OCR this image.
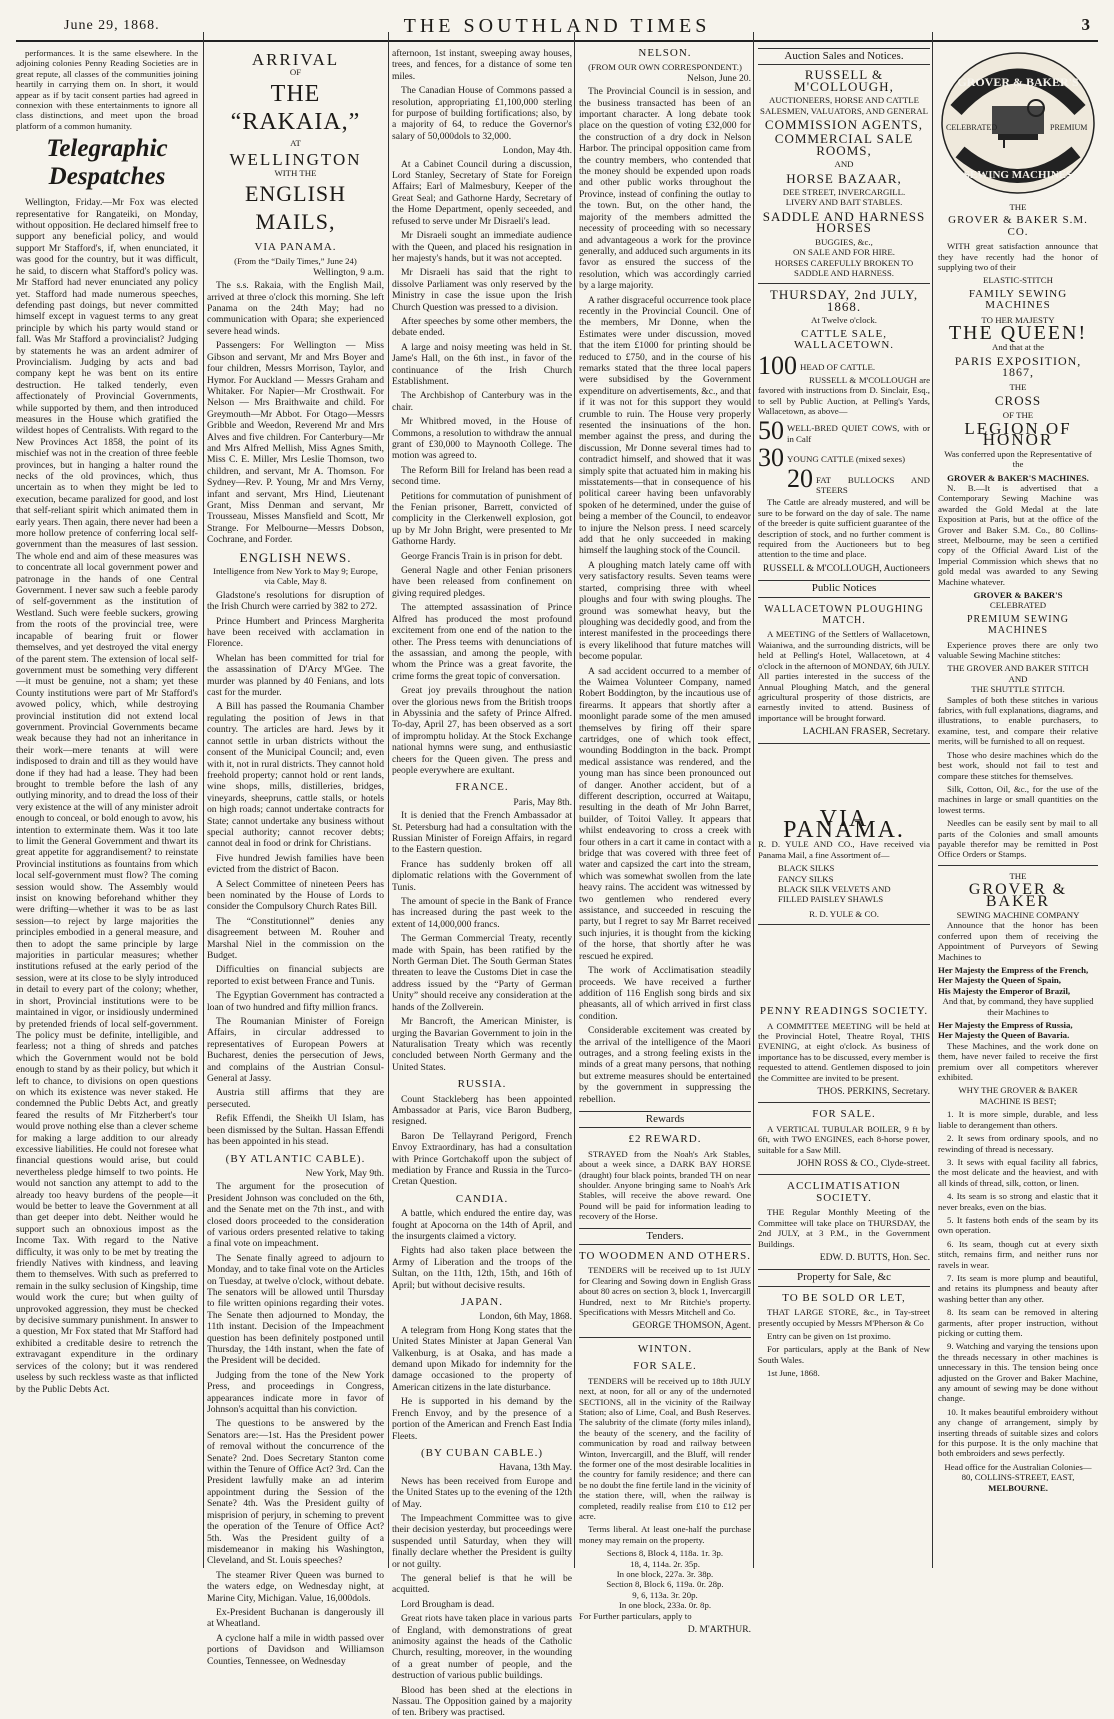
June 29, 1868.	THE SOUTHLAND TIMES	3

performances. It is the same elsewhere. In the adjoining colonies Penny Reading Societies are in great repute, all classes of the communities joining heartily in carrying them on. In short, it would appear as if by tacit consent parties had agreed in connexion with these entertainments to ignore all class distinctions, and meet upon the broad platform of a common humanity.

Telegraphic Despatches

Wellington, Friday.—Mr Fox was elected representative for Rangateiki, on Monday, without opposition. He declared himself free to support any beneficial policy, and would support Mr Stafford's, if, when enunciated, it was good for the country, but it was difficult, he said, to discern what Stafford's policy was. Mr Stafford had never enunciated any policy yet. Stafford had made numerous speeches, defending past doings, but never committed himself except in vaguest terms to any great principle by which his party would stand or fall. Was Mr Stafford a provincialist? Judging by statements he was an ardent admirer of Provincialism. Judging by acts and bad company kept he was bent on its entire destruction. He talked tenderly, even affectionately of Provincial Governments, while supported by them, and then introduced measures in the House which gratified the wildest hopes of Centralists. With regard to the New Provinces Act 1858, the point of its mischief was not in the creation of three feeble provinces, but in hanging a halter round the necks of the old provinces, which, thus uncertain as to when they might be led to execution, became paralized for good, and lost that self-reliant spirit which animated them in early years. Then again, there never had been a more hollow pretence of conferring local self-government than the measures of last session. The whole end and aim of these measures was to concentrate all local government power and patronage in the hands of one Central Government. I never saw such a feeble parody of self-government as the institution of Westland. Such were feeble suckers, growing from the roots of the provincial tree, were incapable of bearing fruit or flower themselves, and yet destroyed the vital energy of the parent stem. The extension of local self-government must be something very different—it must be genuine, not a sham; yet these County institutions were part of Mr Stafford's avowed policy, which, while destroying provincial institution did not extend local government. Provincial Governments became weak because they had not an inheritance in their work—mere tenants at will were indisposed to drain and till as they would have done if they had had a lease. They had been brought to tremble before the lash of any outlying minority, and to dread the loss of their very existence at the will of any minister adroit enough to conceal, or bold enough to avow, his intention to exterminate them. Was it too late to limit the General Government and thwart its great appetite for aggrandisement? to reinstate Provincial institutions as fountains from which local self-government must flow? The coming session would show. The Assembly would insist on knowing beforehand whither they were drifting—whether it was to be as last session—to reject by large majorities the principles embodied in a general measure, and then to adopt the same principle by large majorities in particular measures; whether institutions refused at the early period of the session, were at its close to be slyly introduced in detail to every part of the colony; whether, in short, Provincial institutions were to be maintained in vigor, or insidiously undermined by pretended friends of local self-government. The policy must be definite, intelligible, and fearless; not a thing of shreds and patches which the Government would not be bold enough to stand by as their policy, but which it left to chance, to divisions on open questions on which its existence was never staked. He condemned the Public Debts Act, and greatly feared the results of Mr Fitzherbert's tour would prove nothing else than a clever scheme for making a large addition to our already excessive liabilities. He could not foresee what financial questions would arise, but could nevertheless pledge himself to two points. He would not sanction any attempt to add to the already too heavy burdens of the people—it would be better to leave the Government at all than get deeper into debt. Neither would he support such an obnoxious impost as the Income Tax. With regard to the Native difficulty, it was only to be met by treating the friendly Natives with kindness, and leaving them to themselves. With such as preferred to remain in the sulky seclusion of Kingship, time would work the cure; but when guilty of unprovoked aggression, they must be checked by decisive summary punishment. In answer to a question, Mr Fox stated that Mr Stafford had exhibited a creditable desire to retrench the extravagant expenditure in the ordinary services of the colony; but it was rendered useless by such reckless waste as that inflicted by the Public Debts Act.

ARRIVAL
OF
THE “RAKAIA,”
AT
WELLINGTON
WITH THE
ENGLISH MAILS,
VIA PANAMA.
(From the “Daily Times,” June 24)
Wellington, 9 a.m.

The s.s. Rakaia, with the English Mail, arrived at three o'clock this morning. She left Panama on the 24th May; had no communication with Opara; she experienced severe head winds.

Passengers: For Wellington — Miss Gibson and servant, Mr and Mrs Boyer and four children, Messrs Morrison, Taylor, and Hymor. For Auckland — Messrs Graham and Whitaker. For Napier—Mr Crosthwait. For Nelson — Mrs Braithwaite and child. For Greymouth—Mr Abbot. For Otago—Messrs Gribble and Weedon, Reverend Mr and Mrs Alves and five children. For Canterbury—Mr and Mrs Alfred Mellish, Miss Agnes Smith, Miss C. E. Miller, Mrs Leslie Thomson, two children, and servant, Mr A. Thomson. For Sydney—Rev. P. Young, Mr and Mrs Verny, infant and servant, Mrs Hind, Lieutenant Grant, Miss Denman and servant, Mr Trousseau, Misses Mansfield and Scott, Mr Strange. For Melbourne—Messrs Dobson, Cochrane, and Forder.

ENGLISH NEWS.

Intelligence from New York to May 9; Europe, via Cable, May 8.

Gladstone's resolutions for disruption of the Irish Church were carried by 382 to 272.

Prince Humbert and Princess Margherita have been received with acclamation in Florence.

Whelan has been committed for trial for the assassination of D'Arcy M'Gee. The murder was planned by 40 Fenians, and lots cast for the murder.

A Bill has passed the Roumania Chamber regulating the position of Jews in that country. The articles are hard. Jews by it cannot settle in urban districts without the consent of the Municipal Council; and, even with it, not in rural districts. They cannot hold freehold property; cannot hold or rent lands, wine shops, mills, distilleries, bridges, vineyards, sheepruns, cattle stalls, or hotels on high roads; cannot undertake contracts for State; cannot undertake any business without special authority; cannot recover debts; cannot deal in food or drink for Christians.

Five hundred Jewish families have been evicted from the district of Bacon.

A Select Committee of nineteen Peers has been nominated by the House of Lords to consider the Compulsory Church Rates Bill.

The “Constitutionnel” denies any disagreement between M. Rouher and Marshal Niel in the commission on the Budget.

Difficulties on financial subjects are reported to exist between France and Tunis.

The Egyptian Government has contracted a loan of two hundred and fifty million francs.

The Roumanian Minister of Foreign Affairs, in circular addressed to representatives of European Powers at Bucharest, denies the persecution of Jews, and complains of the Austrian Consul-General at Jassy.

Austria still affirms that they are persecuted.

Refik Effendi, the Sheikh Ul Islam, has been dismissed by the Sultan. Hassan Effendi has been appointed in his stead.

(BY ATLANTIC CABLE).
New York, May 9th.

The argument for the prosecution of President Johnson was concluded on the 6th, and the Senate met on the 7th inst., and with closed doors proceeded to the consideration of various orders presented relative to taking a final vote on impeachment.

The Senate finally agreed to adjourn to Monday, and to take final vote on the Articles on Tuesday, at twelve o'clock, without debate. The senators will be allowed until Thursday to file written opinions regarding their votes. The Senate then adjourned to Monday, the 11th instant. Decision of the Impeachment question has been definitely postponed until Thursday, the 14th instant, when the fate of the President will be decided.

Judging from the tone of the New York Press, and proceedings in Congress, appearances indicate more in favor of Johnson's acquittal than his conviction.

The questions to be answered by the Senators are:—1st. Has the President power of removal without the concurrence of the Senate? 2nd. Does Secretary Stanton come within the Tenure of Office Act? 3rd. Can the President lawfully make an ad interim appointment during the Session of the Senate? 4th. Was the President guilty of misprision of perjury, in scheming to prevent the operation of the Tenure of Office Act? 5th. Was the President guilty of a misdemeanor in making his Washington, Cleveland, and St. Louis speeches?

The steamer River Queen was burned to the waters edge, on Wednesday night, at Marine City, Michigan. Value, 16,000dols.

Ex-President Buchanan is dangerously ill at Wheatland.

A cyclone half a mile in width passed over portions of Davidson and Williamson Counties, Tennessee, on Wednesday

afternoon, 1st instant, sweeping away houses, trees, and fences, for a distance of some ten miles.

The Canadian House of Commons passed a resolution, appropriating £1,100,000 sterling for purpose of building fortifications; also, by a majority of 64, to reduce the Governor's salary of 50,000dols to 32,000.

London, May 4th.

At a Cabinet Council during a discussion, Lord Stanley, Secretary of State for Foreign Affairs; Earl of Malmesbury, Keeper of the Great Seal; and Gathorne Hardy, Secretary of the Home Department, openly seceeded, and refused to serve under Mr Disraeli's lead.

Mr Disraeli sought an immediate audience with the Queen, and placed his resignation in her majesty's hands, but it was not accepted.

Mr Disraeli has said that the right to dissolve Parliament was only reserved by the Ministry in case the issue upon the Irish Church Question was pressed to a division.

After speeches by some other members, the debate ended.

A large and noisy meeting was held in St. Jame's Hall, on the 6th inst., in favor of the continuance of the Irish Church Establishment.

The Archbishop of Canterbury was in the chair.

Mr Whitbred moved, in the House of Commons, a resolution to withdraw the annual grant of £30,000 to Maynooth College. The motion was agreed to.

The Reform Bill for Ireland has been read a second time.

Petitions for commutation of punishment of the Fenian prisoner, Barrett, convicted of complicity in the Clerkenwell explosion, got up by Mr John Bright, were presented to Mr Gathorne Hardy.

George Francis Train is in prison for debt.

General Nagle and other Fenian prisoners have been released from confinement on giving required pledges.

The attempted assassination of Prince Alfred has produced the most profound excitement from one end of the nation to the other. The Press teems with denunciations of the assassian, and among the people, with whom the Prince was a great favorite, the crime forms the great topic of conversation.

Great joy prevails throughout the nation over the glorious news from the British troops in Abyssinia and the safety of Prince Alfred. To-day, April 27, has been observed as a sort of impromptu holiday. At the Stock Exchange national hymns were sung, and enthusiastic cheers for the Queen given. The press and people everywhere are exultant.

FRANCE.
Paris, May 8th.

It is denied that the French Ambassador at St. Petersburg had had a consultation with the Russian Minister of Foreign Affairs, in regard to the Eastern question.

France has suddenly broken off all diplomatic relations with the Government of Tunis.

The amount of specie in the Bank of France has increased during the past week to the extent of 14,000,000 francs.

The German Commercial Treaty, recently made with Spain, has been ratified by the North German Diet. The South German States threaten to leave the Customs Diet in case the address issued by the “Party of German Unity” should receive any consideration at the hands of the Zollverein.

Mr Bancroft, the American Minister, is urging the Bavarian Government to join in the Naturalisation Treaty which was recently concluded between North Germany and the United States.

RUSSIA.

Count Stackleberg has been appointed Ambassador at Paris, vice Baron Budberg, resigned.

Baron De Tellayrand Perigord, French Envoy Extraordinary, has had a consultation with Prince Gortchakoff upon the subject of mediation by France and Russia in the Turco-Cretan Question.

CANDIA.

A battle, which endured the entire day, was fought at Apocorna on the 14th of April, and the insurgents claimed a victory.

Fights had also taken place between the Army of Liberation and the troops of the Sultan, on the 11th, 12th, 15th, and 16th of April; but without decisive results.

JAPAN.
London, 6th May, 1868.

A telegram from Hong Kong states that the United States Minister at Japan General Van Valkenburg, is at Osaka, and has made a demand upon Mikado for indemnity for the damage occasioned to the property of American citizens in the late disturbance.

He is supported in his demand by the French Envoy, and by the presence of a portion of the American and French East India Fleets.

(BY CUBAN CABLE.)
Havana, 13th May.

News has been received from Europe and the United States up to the evening of the 12th of May.

The Impeachment Committee was to give their decision yesterday, but proceedings were suspended until Saturday, when they will finally declare whether the President is guilty or not guilty.

The general belief is that he will be acquitted.

Lord Brougham is dead.

Great riots have taken place in various parts of England, with demonstrations of great animosity against the heads of the Catholic Church, resulting, moreover, in the wounding of a great number of people, and the destruction of various public buildings.

Blood has been shed at the elections in Nassau. The Opposition gained by a majority of ten. Bribery was practised.

NELSON.
(FROM OUR OWN CORRESPONDENT.)
Nelson, June 20.

The Provincial Council is in session, and the business transacted has been of an important character. A long debate took place on the question of voting £32,000 for the construction of a dry dock in Nelson Harbor. The principal opposition came from the country members, who contended that the money should be expended upon roads and other public works throughout the Province, instead of confining the outlay to the town. But, on the other hand, the majority of the members admitted the necessity of proceeding with so necessary and advantageous a work for the province generally, and adduced such arguments in its favor as ensured the success of the resolution, which was accordingly carried by a large majority.

A rather disgraceful occurrence took place recently in the Provincial Council. One of the members, Mr Donne, when the Estimates were under discussion, moved that the item £1000 for printing should be reduced to £750, and in the course of his remarks stated that the three local papers were subsidised by the Government expenditure on advertisements, &c., and that if it was not for this support they would crumble to ruin. The House very properly resented the insinuations of the hon. member against the press, and during the discussion, Mr Donne several times had to contradict himself, and showed that it was simply spite that actuated him in making his misstatements—that in consequence of his political career having been unfavorably spoken of he determined, under the guise of being a member of the Council, to endeavor to injure the Nelson press. I need scarcely add that he only succeeded in making himself the laughing stock of the Council.

A ploughing match lately came off with very satisfactory results. Seven teams were started, comprising three with wheel ploughs and four with swing ploughs. The ground was somewhat heavy, but the ploughing was decidedly good, and from the interest manifested in the proceedings there is every likelihood that future matches will become popular.

A sad accident occurred to a member of the Waimea Volunteer Company, named Robert Boddington, by the incautious use of firearms. It appears that shortly after a moonlight parade some of the men amused themselves by firing off their spare cartridges, one of which took effect, wounding Boddington in the back. Prompt medical assistance was rendered, and the young man has since been pronounced out of danger. Another accident, but of a different description, occurred at Waitapu, resulting in the death of Mr John Barret, builder, of Toitoi Valley. It appears that whilst endeavoring to cross a creek with four others in a cart it came in contact with a bridge that was covered with three feet of water and capsized the cart into the stream, which was somewhat swollen from the late heavy rains. The accident was witnessed by two gentlemen who rendered every assistance, and succeeded in rescuing the party, but I regret to say Mr Barret received such injuries, it is thought from the kicking of the horse, that shortly after he was rescued he expired.

The work of Acclimatisation steadily proceeds. We have received a further addition of 116 English song birds and six pheasants, all of which arrived in first class condition.

Considerable excitement was created by the arrival of the intelligence of the Maori outrages, and a strong feeling exists in the minds of a great many persons, that nothing but extreme measures should be entertained by the government in suppressing the rebellion.

Rewards
£2 REWARD.

STRAYED from the Noah's Ark Stables, about a week since, a DARK BAY HORSE (draught) four black points, branded TH on near shoulder. Anyone bringing same to Noah's Ark Stables, will receive the above reward. One Pound will be paid for information leading to recovery of the Horse.

Tenders.
TO WOODMEN AND OTHERS.

TENDERS will be received up to 1st JULY for Clearing and Sowing down in English Grass about 80 acres on section 3, block 1, Invercargill Hundred, next to Mr Ritchie's property. Specifications with Messrs Mitchell and Co.

GEORGE THOMSON, Agent.
WINTON.
FOR SALE.

TENDERS will be received up to 18th JULY next, at noon, for all or any of the undernoted SECTIONS, all in the vicinity of the Railway Station; also of Lime, Coal, and Bush Reserves. The salubrity of the climate (forty miles inland), the beauty of the scenery, and the facility of communication by road and railway between Winton, Invercargill, and the Bluff, will render the former one of the most desirable localities in the country for family residence; and there can be no doubt the fine fertile land in the vicinity of the station there, will, when the railway is completed, readily realise from £10 to £12 per acre.

Terms liberal. At least one-half the purchase money may remain on the property.

Sections 8, Block 4, 118a. 1r. 3p.
18, 4, 114a. 2r. 35p.
In one block, 227a. 3r. 38p.
Section 8, Block 6, 119a. 0r. 28p.
9, 6, 113a. 3r. 20p.
In one block, 233a. 0r. 8p.

For Further particulars, apply to

D. M'ARTHUR.
Auction Sales and Notices.
RUSSELL & M'COLLOUGH,
AUCTIONEERS, HORSE AND CATTLE SALESMEN, VALUATORS, AND GENERAL
COMMISSION AGENTS,
COMMERCIAL SALE ROOMS,
AND
HORSE BAZAAR,
DEE STREET, INVERCARGILL.
LIVERY AND BAIT STABLES.
SADDLE AND HARNESS HORSES
BUGGIES, &c.,
ON SALE AND FOR HIRE.
HORSES CAREFULLY BROKEN TO
SADDLE AND HARNESS.
THURSDAY, 2nd JULY, 1868.
At Twelve o'clock.
CATTLE SALE, WALLACETOWN.
100 HEAD OF CATTLE.

RUSSELL & M'COLLOUGH are favored with instructions from D. Sinclair, Esq., to sell by Public Auction, at Pelling's Yards, Wallacetown, as above—

50 WELL-BRED QUIET COWS, with or in Calf
30 YOUNG CATTLE (mixed sexes)
20 FAT BULLOCKS AND STEERS

The Cattle are already mustered, and will be sure to be forward on the day of sale. The name of the breeder is quite sufficient guarantee of the description of stock, and no further comment is required from the Auctioneers but to beg attention to the time and place.

RUSSELL & M'COLLOUGH, Auctioneers
Public Notices
WALLACETOWN PLOUGHING MATCH.

A MEETING of the Settlers of Wallacetown, Waianiwa, and the surrounding districts, will be held at Pelling's Hotel, Wallacetown, at 4 o'clock in the afternoon of MONDAY, 6th JULY. All parties interested in the success of the Annual Ploughing Match, and the general agricultural prosperity of those districts, are earnestly invited to attend. Business of importance will be brought forward.

LACHLAN FRASER, Secretary.
VIA PANAMA.

R. D. YULE AND CO., Have received via Panama Mail, a fine Assortment of—

BLACK SILKS
FANCY SILKS
BLACK SILK VELVETS AND
FILLED PAISLEY SHAWLS
R. D. YULE & CO.
PENNY READINGS SOCIETY.

A COMMITTEE MEETING will be held at the Provincial Hotel, Theatre Royal, THIS EVENING, at eight o'clock. As business of importance has to be discussed, every member is requested to attend. Gentlemen disposed to join the Committee are invited to be present.

THOS. PERKINS, Secretary.
FOR SALE.

A VERTICAL TUBULAR BOILER, 9 ft by 6ft, with TWO ENGINES, each 8-horse power, suitable for a Saw Mill.

JOHN ROSS & CO., Clyde-street.
ACCLIMATISATION SOCIETY.

THE Regular Monthly Meeting of the Committee will take place on THURSDAY, the 2nd JULY, at 3 P.M., in the Government Buildings.

EDW. D. BUTTS, Hon. Sec.
Property for Sale, &c
TO BE SOLD OR LET,

THAT LARGE STORE, &c., in Tay-street presently occupied by Messrs M'Pherson & Co

Entry can be given on 1st proximo.

For particulars, apply at the Bank of New South Wales.

1st June, 1868.

GROVER & BAKER'S
CELEBRATED	PREMIUM
SEWING MACHINES
THE
GROVER & BAKER S.M. CO.

WITH great satisfaction announce that they have recently had the honor of supplying two of their

ELASTIC-STITCH
FAMILY SEWING MACHINES
TO HER MAJESTY
THE QUEEN!
And that at the
PARIS EXPOSITION, 1867,
THE
CROSS
OF THE
LEGION OF HONOR

Was conferred upon the Representative of the

GROVER & BAKER'S MACHINES.

N. B.—It is advertised that a Contemporary Sewing Machine was awarded the Gold Medal at the late Exposition at Paris, but at the office of the Grover and Baker S.M. Co., 80 Collins-street, Melbourne, may be seen a certified copy of the Official Award List of the Imperial Commission which shews that no gold medal was awarded to any Sewing Machine whatever.

GROVER & BAKER'S
CELEBRATED
PREMIUM SEWING MACHINES

Experience proves there are only two valuable Sewing Machine stitches:

THE GROVER AND BAKER STITCH
AND
THE SHUTTLE STITCH.

Samples of both these stitches in various fabrics, with full explanations, diagrams, and illustrations, to enable purchasers, to examine, test, and compare their relative merits, will be furnished to all on request.

Those who desire machines which do the best work, should not fail to test and compare these stitches for themselves.

Silk, Cotton, Oil, &c., for the use of the machines in large or small quantities on the lowest terms.

Needles can be easily sent by mail to all parts of the Colonies and small amounts payable therefor may be remitted in Post Office Orders or Stamps.

THE
GROVER & BAKER
SEWING MACHINE COMPANY

Announce that the honor has been conferred upon them of receiving the Appointment of Purveyors of Sewing Machines to

Her Majesty the Empress of the French,
Her Majesty the Queen of Spain,
His Majesty the Emperor of Brazil,

And that, by command, they have supplied their Machines to

Her Majesty the Empress of Russia,
Her Majesty the Queen of Bavaria.

These Machines, and the work done on them, have never failed to receive the first premium over all competitors wherever exhibited.

WHY THE GROVER & BAKER MACHINE IS BEST;

1. It is more simple, durable, and less liable to derangement than others.

2. It sews from ordinary spools, and no rewinding of thread is necessary.

3. It sews with equal facility all fabrics, the most delicate and the heaviest, and with all kinds of thread, silk, cotton, or linen.

4. Its seam is so strong and elastic that it never breaks, even on the bias.

5. It fastens both ends of the seam by its own operation.

6. Its seam, though cut at every sixth stitch, remains firm, and neither runs nor ravels in wear.

7. Its seam is more plump and beautiful, and retains its plumpness and beauty after washing better than any other.

8. Its seam can be removed in altering garments, after proper instruction, without picking or cutting them.

9. Watching and varying the tensions upon the threads necessary in other machines is unnecessary in this. The tension being once adjusted on the Grover and Baker Machine, any amount of sewing may be done without change.

10. It makes beautiful embroidery without any change of arrangement, simply by inserting threads of suitable sizes and colors for this purpose. It is the only machine that both embroiders and sews perfectly.

Head office for the Australian Colonies—
80, COLLINS-STREET, EAST,
MELBOURNE.
